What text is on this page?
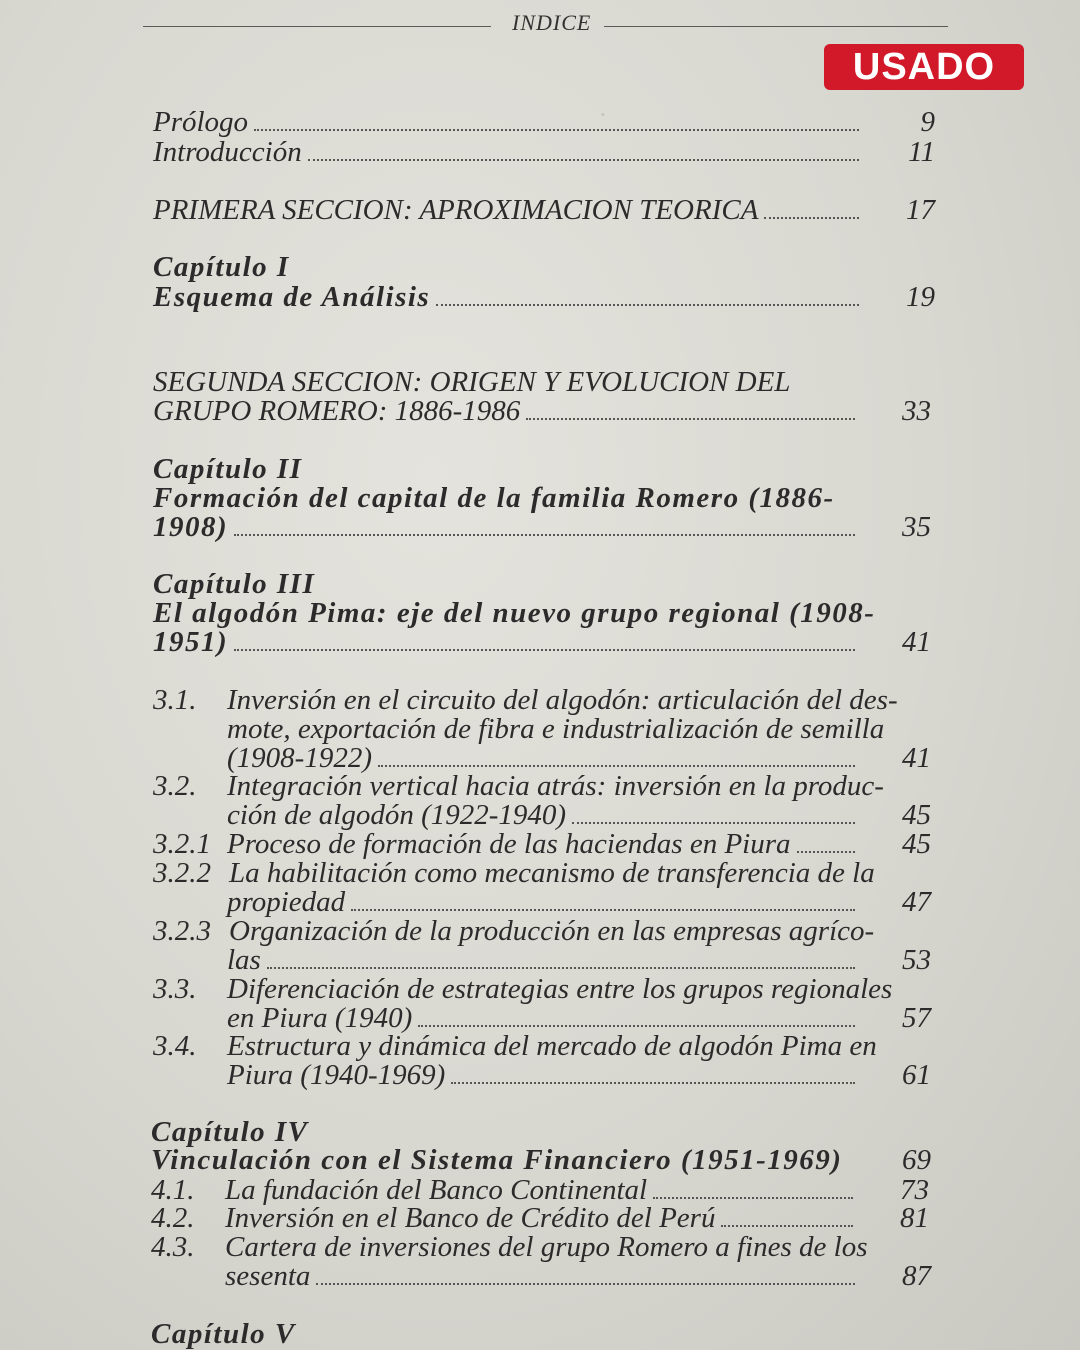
·
INDICE
USADO
Prólogo	9
Introducción	11
PRIMERA SECCION: APROXIMACION TEORICA	17
Capítulo I
Esquema de Análisis	19
SEGUNDA SECCION: ORIGEN Y EVOLUCION DEL
GRUPO ROMERO: 1886-1986	33
Capítulo II
Formación del capital de la familia Romero (1886-
1908)	35
Capítulo III
El algodón Pima: eje del nuevo grupo regional (1908-
1951)	41
3.1. Inversión en el circuito del algodón: articulación del des-
mote, exportación de fibra e industrialización de semilla
(1908-1922)	41
3.2. Integración vertical hacia atrás: inversión en la produc-
ción de algodón (1922-1940)	45
3.2.1 Proceso de formación de las haciendas en Piura	45
3.2.2 La habilitación como mecanismo de transferencia de la
propiedad	47
3.2.3 Organización de la producción en las empresas agríco-
las	53
3.3. Diferenciación de estrategias entre los grupos regionales
en Piura (1940)	57
3.4. Estructura y dinámica del mercado de algodón Pima en
Piura (1940-1969)	61
Capítulo IV
Vinculación con el Sistema Financiero (1951-1969)	69
4.1. La fundación del Banco Continental	73
4.2. Inversión en el Banco de Crédito del Perú	81
4.3. Cartera de inversiones del grupo Romero a fines de los
sesenta	87
Capítulo V
